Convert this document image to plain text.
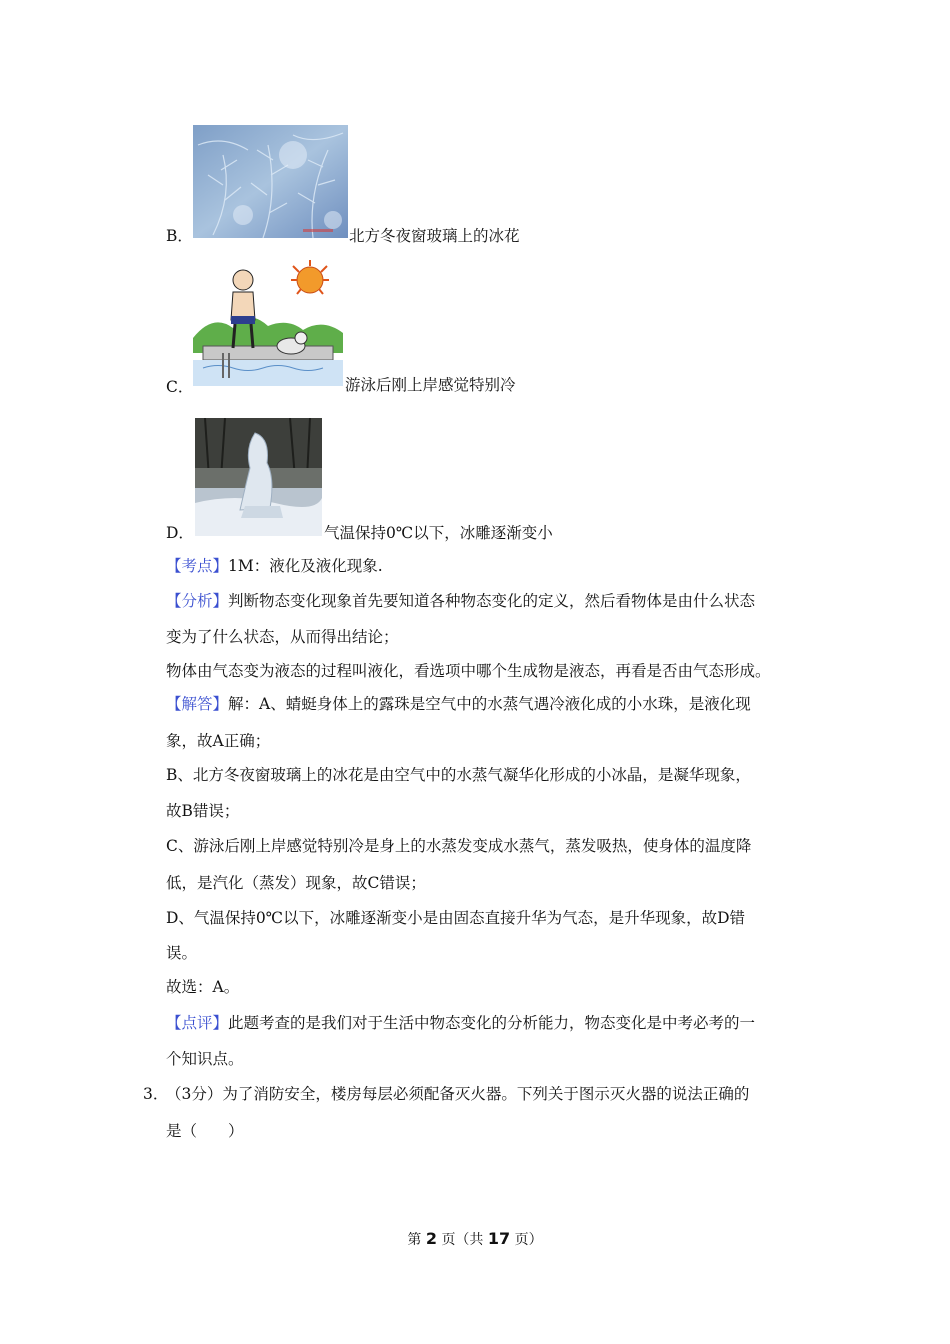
B．	北方冬夜窗玻璃上的冰花
C．	游泳后刚上岸感觉特别冷
D．	气温保持0℃以下，冰雕逐渐变小
【考点】1M：液化及液化现象.
【分析】判断物态变化现象首先要知道各种物态变化的定义，然后看物体是由什么状态
变为了什么状态，从而得出结论；
物体由气态变为液态的过程叫液化，看选项中哪个生成物是液态，再看是否由气态形成。
【解答】解：A、蜻蜓身体上的露珠是空气中的水蒸气遇冷液化成的小水珠，是液化现
象，故A正确；
B、北方冬夜窗玻璃上的冰花是由空气中的水蒸气凝华化形成的小冰晶，是凝华现象，
故B错误；
C、游泳后刚上岸感觉特别冷是身上的水蒸发变成水蒸气，蒸发吸热，使身体的温度降
低，是汽化（蒸发）现象，故C错误；
D、气温保持0℃以下，冰雕逐渐变小是由固态直接升华为气态，是升华现象，故D错
误。
故选：A。
【点评】此题考查的是我们对于生活中物态变化的分析能力，物态变化是中考必考的一
个知识点。
3．
（3分）为了消防安全，楼房每层必须配备灭火器。下列关于图示灭火器的说法正确的
是（　　）
第 2 页（共 17 页）
